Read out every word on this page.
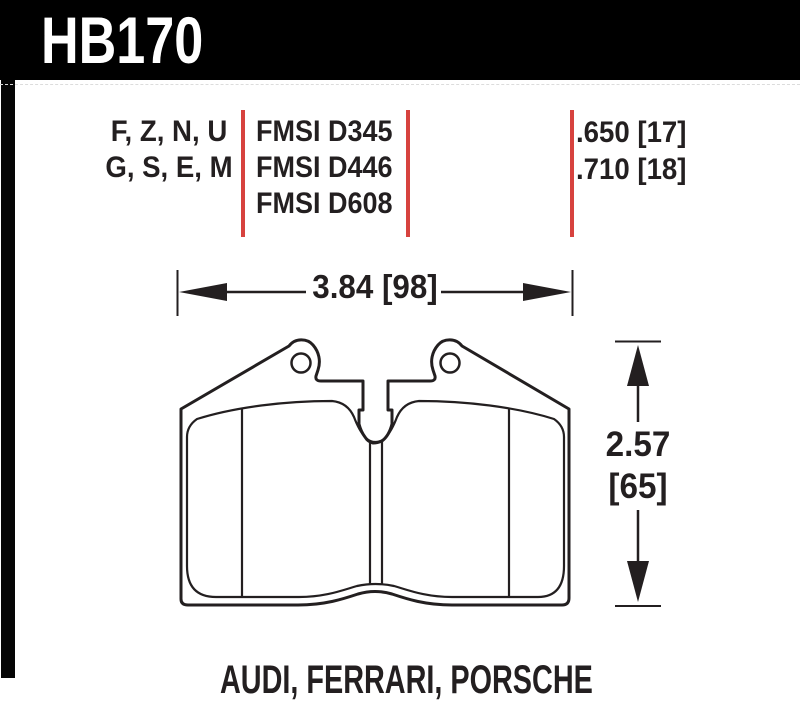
HB170
F, Z, N, U
G, S, E, M
FMSI D345
FMSI D446
FMSI D608
.650 [17]
.710 [18]
3.84 [98]
2.57
[65]
AUDI, FERRARI, PORSCHE
